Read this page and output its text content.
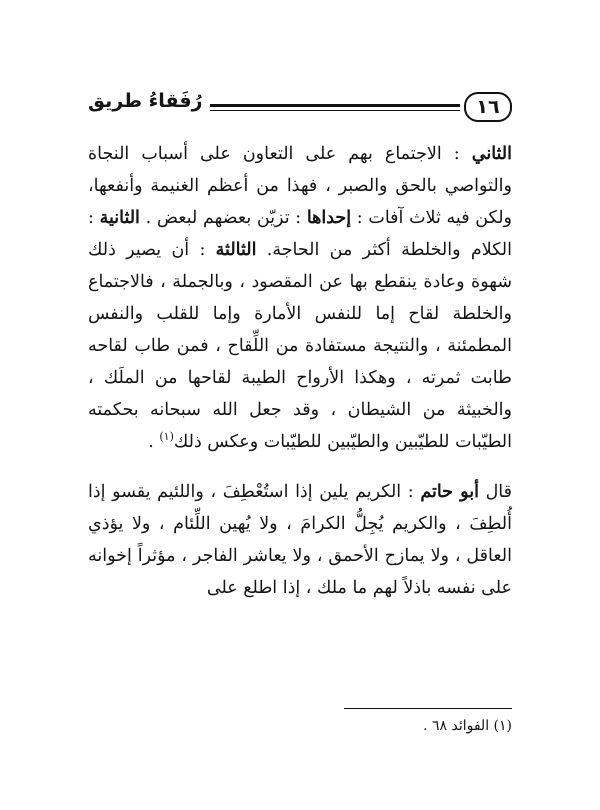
١٦
رُفَقاءُ طريق

الثاني : الاجتماع بهم على التعاون على أسباب النجاة والتواصي بالحق والصبر ، فهذا من أعظم الغنيمة وأنفعها، ولكن فيه ثلاث آفات : إحداها : تزيّن بعضهم لبعض . الثانية : الكلام والخلطة أكثر من الحاجة. الثالثة : أن يصير ذلك شهوة وعادة ينقطع بها عن المقصود ، وبالجملة ، فالاجتماع والخلطة لقاح إما للنفس الأمارة وإما للقلب والنفس المطمئنة ، والنتيجة مستفادة من اللِّقاح ، فمن طاب لقاحه طابت ثمرته ، وهكذا الأرواح الطيبة لقاحها من الملَك ، والخبيثة من الشيطان ، وقد جعل الله سبحانه بحكمته الطيّبات للطيّبين والطيّبين للطيّبات وعكس ذلك$^{(١)}$ .

قال أبو حاتم : الكريم يلين إذا استُعْطِفَ ، واللئيم يقسو إذا أُلطِفَ ، والكريم يُجِلُّ الكرامَ ، ولا يُهين اللِّئام ، ولا يؤذي العاقل ، ولا يمازح الأحمق ، ولا يعاشر الفاجر ، مؤثراً إخوانه على نفسه باذلاً لهم ما ملك ، إذا اطلع على

(١) الفوائد ٦٨ .
